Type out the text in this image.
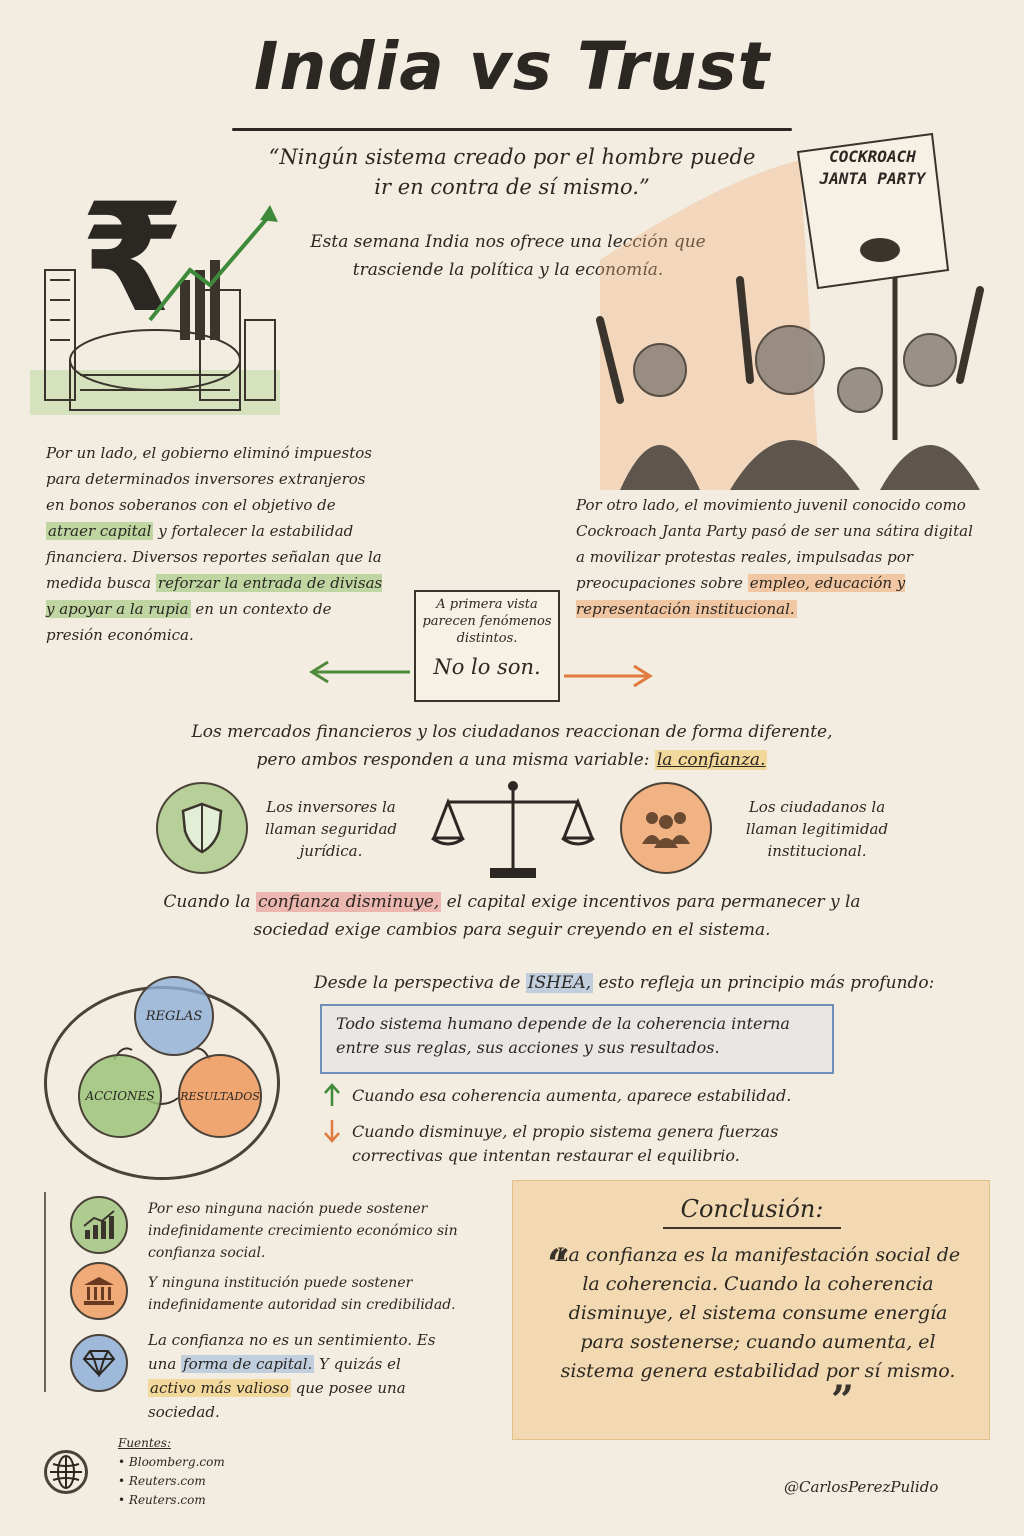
India vs Trust
“Ningún sistema creado por el hombre puede ir en contra de sí mismo.”
Esta semana India nos ofrece una lección que trasciende la política y la economía.
₹
COCKROACH JANTA PARTY
Por un lado, el gobierno eliminó impuestos para determinados inversores extranjeros en bonos soberanos con el objetivo de atraer capital y fortalecer la estabilidad financiera. Diversos reportes señalan que la medida busca reforzar la entrada de divisas y apoyar a la rupia en un contexto de presión económica.
Por otro lado, el movimiento juvenil conocido como Cockroach Janta Party pasó de ser una sátira digital a movilizar protestas reales, impulsadas por preocupaciones sobre empleo, educación y representación institucional.
A primera vista parecen fenómenos distintos.
No lo son.
Los mercados financieros y los ciudadanos reaccionan de forma diferente,
pero ambos responden a una misma variable: la confianza.
Los inversores la llaman seguridad jurídica.
Los ciudadanos la llaman legitimidad institucional.
Cuando la confianza disminuye, el capital exige incentivos para permanecer y la sociedad exige cambios para seguir creyendo en el sistema.
REGLAS
ACCIONES RESULTADOS
Desde la perspectiva de ISHEA, esto refleja un principio más profundo:
Todo sistema humano depende de la coherencia interna entre sus reglas, sus acciones y sus resultados.
Cuando esa coherencia aumenta, aparece estabilidad.
Cuando disminuye, el propio sistema genera fuerzas correctivas que intentan restaurar el equilibrio.
Por eso ninguna nación puede sostener indefinidamente crecimiento económico sin confianza social.
Y ninguna institución puede sostener indefinidamente autoridad sin credibilidad.
La confianza no es un sentimiento. Es una forma de capital. Y quizás el activo más valioso que posee una sociedad.
Conclusión:
“
La confianza es la manifestación social de la coherencia. Cuando la coherencia disminuye, el sistema consume energía para sostenerse; cuando aumenta, el sistema genera estabilidad por sí mismo.
”
Fuentes:
• Bloomberg.com
• Reuters.com
• Reuters.com
@CarlosPerezPulido
